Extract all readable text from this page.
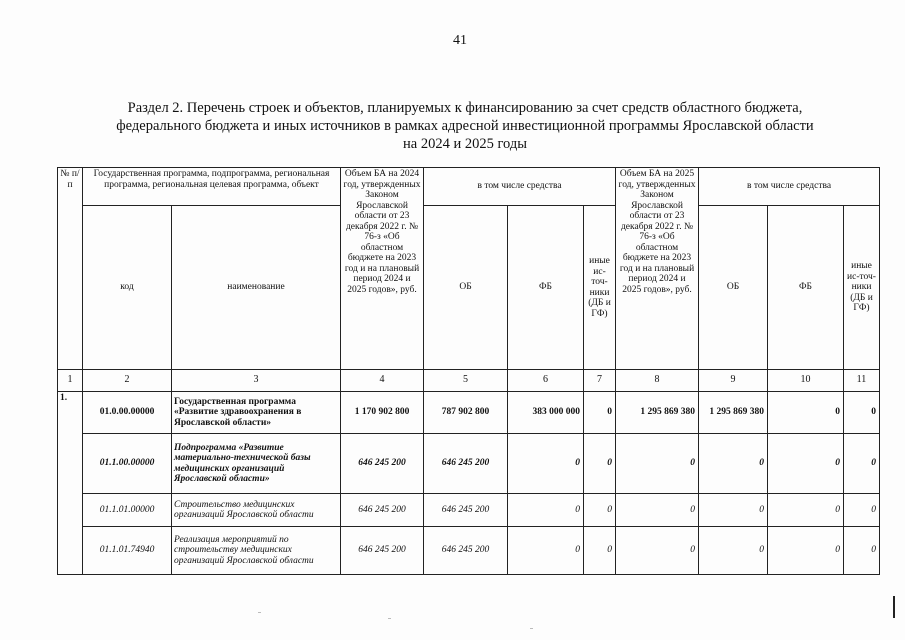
41
Раздел 2. Перечень строек и объектов, планируемых к финансированию за счет средств областного бюджета,
федерального бюджета и иных источников в рамках адресной инвестиционной программы Ярославской области
на 2024 и 2025 годы
№ п/п	Государственная программа, подпрограмма, региональная программа, региональная целевая программа, объект		Объем БА на 2024 год, утвержденных Законом Ярославской области от 23 декабря 2022 г. № 76-з «Об областном бюджете на 2023 год и на плановый период 2024 и 2025 годов», руб.	в том числе средства			Объем БА на 2025 год, утвержденных Законом Ярославской области от 23 декабря 2022 г. № 76-з «Об областном бюджете на 2023 год и на плановый период 2024 и 2025 годов», руб.	в том числе средства		
	код	наименование		ОБ	ФБ	иные ис-точ-ники (ДБ и ГФ)		ОБ	ФБ	иные ис-точ-ники (ДБ и ГФ)
1	2	3	4	5	6	7	8	9	10	11
1.	01.0.00.00000	Государственная программа «Развитие здравоохранения в Ярославской области»	1 170 902 800	787 902 800	383 000 000	0	1 295 869 380	1 295 869 380	0	0
	01.1.00.00000	Подпрограмма «Развитие материально-технической базы медицинских организаций Ярославской области»	646 245 200	646 245 200	0	0	0	0	0	0
	01.1.01.00000	Строительство медицинских организаций Ярославской области	646 245 200	646 245 200	0	0	0	0	0	0
	01.1.01.74940	Реализация мероприятий по строительству медицинских организаций Ярославской области	646 245 200	646 245 200	0	0	0	0	0	0
